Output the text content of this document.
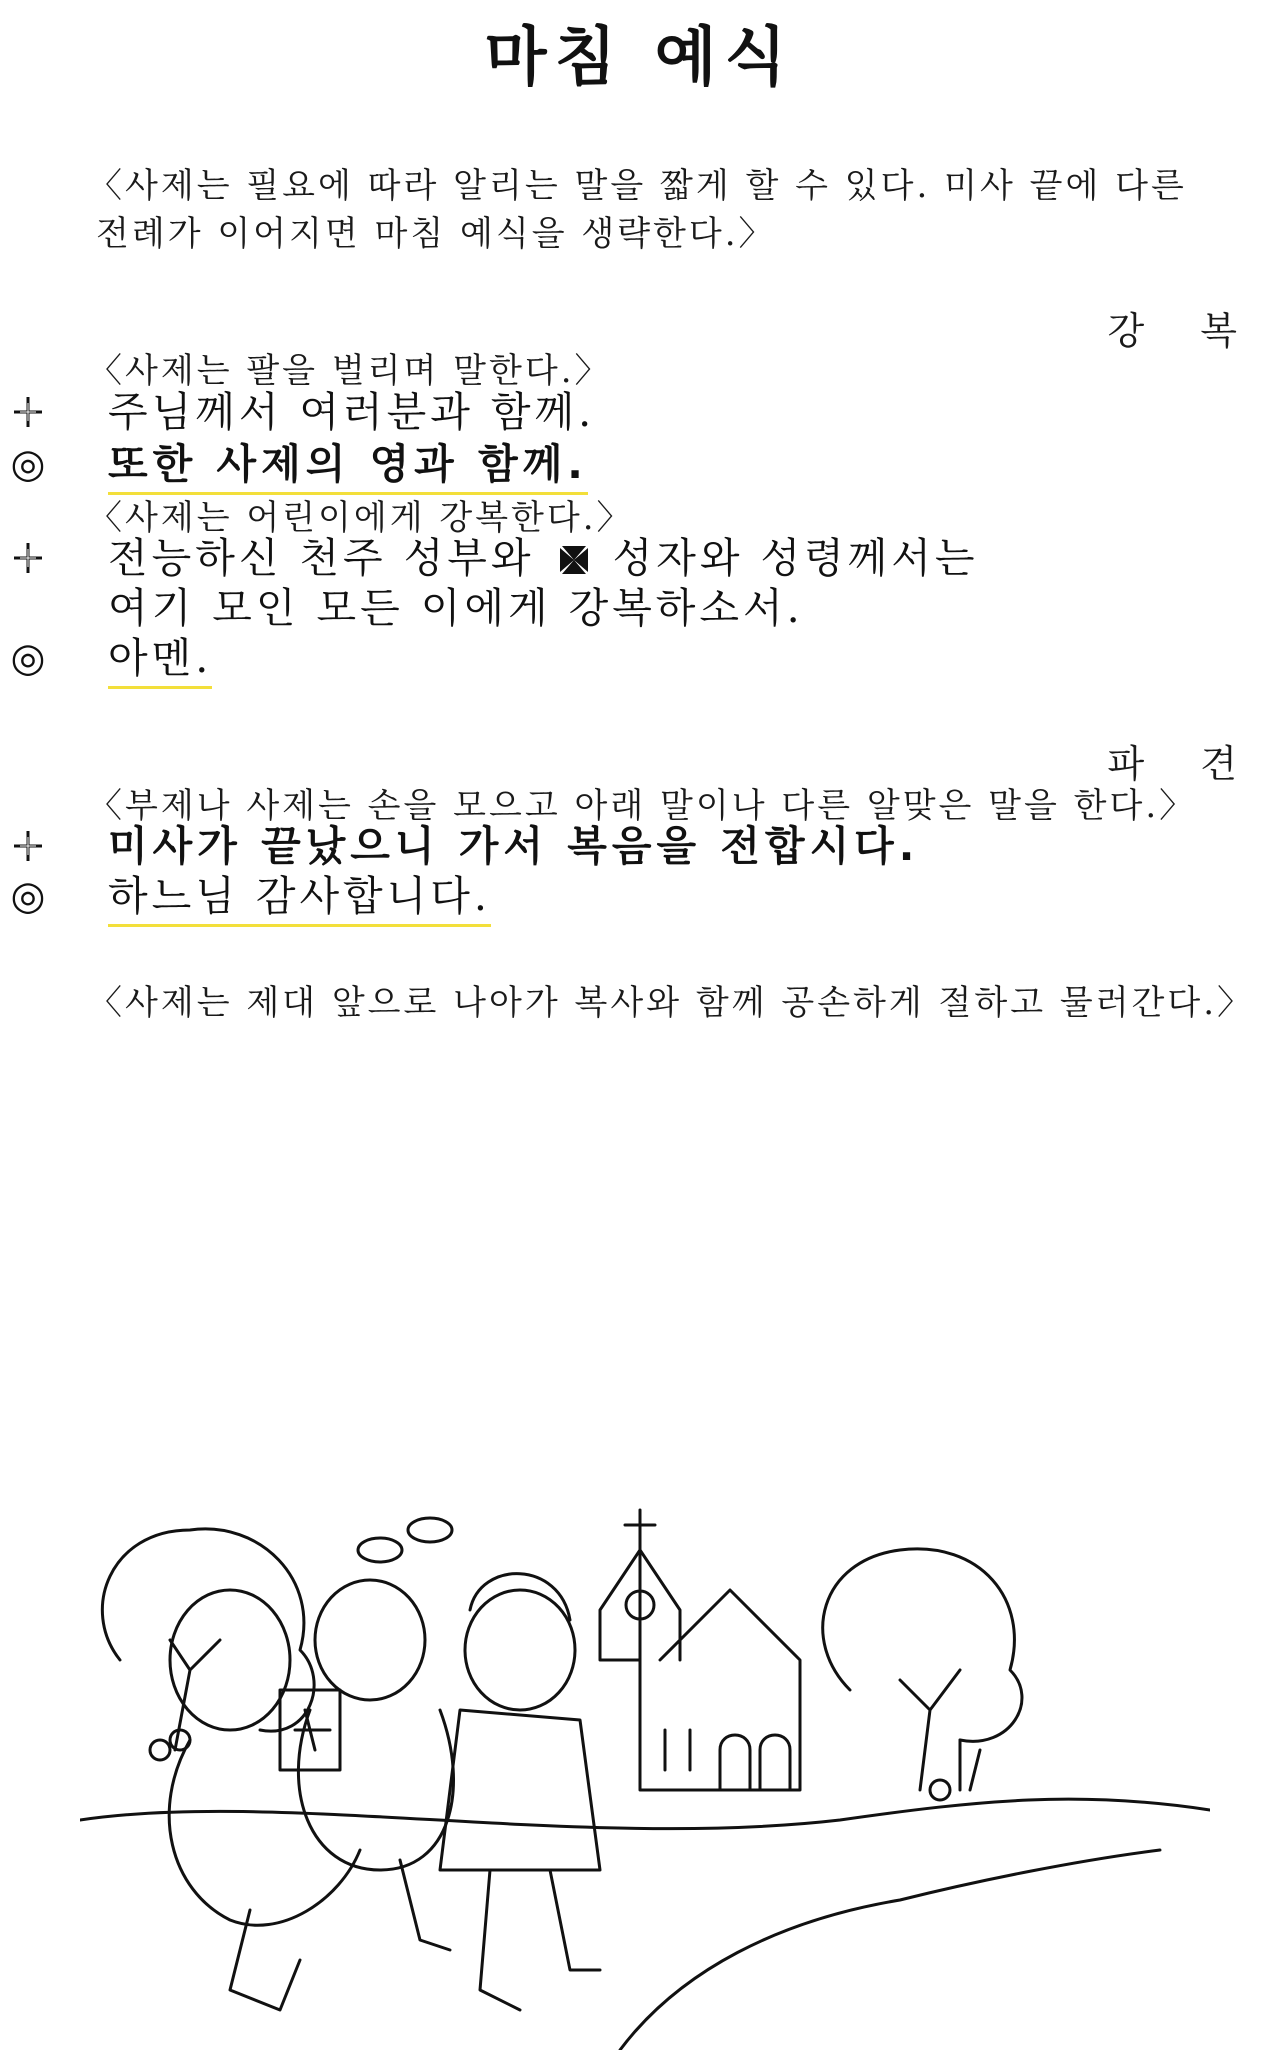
마침 예식
〈사제는 필요에 따라 알리는 말을 짧게 할 수 있다. 미사 끝에 다른
전례가 이어지면 마침 예식을 생략한다.〉
강 복
〈사제는 팔을 벌리며 말한다.〉
주님께서 여러분과 함께.
◎ 또한 사제의 영과 함께.
〈사제는 어린이에게 강복한다.〉
전능하신 천주 성부와 성자와 성령께서는
여기 모인 모든 이에게 강복하소서.
◎ 아멘.
파 견
〈부제나 사제는 손을 모으고 아래 말이나 다른 알맞은 말을 한다.〉
미사가 끝났으니 가서 복음을 전합시다.
◎ 하느님 감사합니다.
〈사제는 제대 앞으로 나아가 복사와 함께 공손하게 절하고 물러간다.〉
